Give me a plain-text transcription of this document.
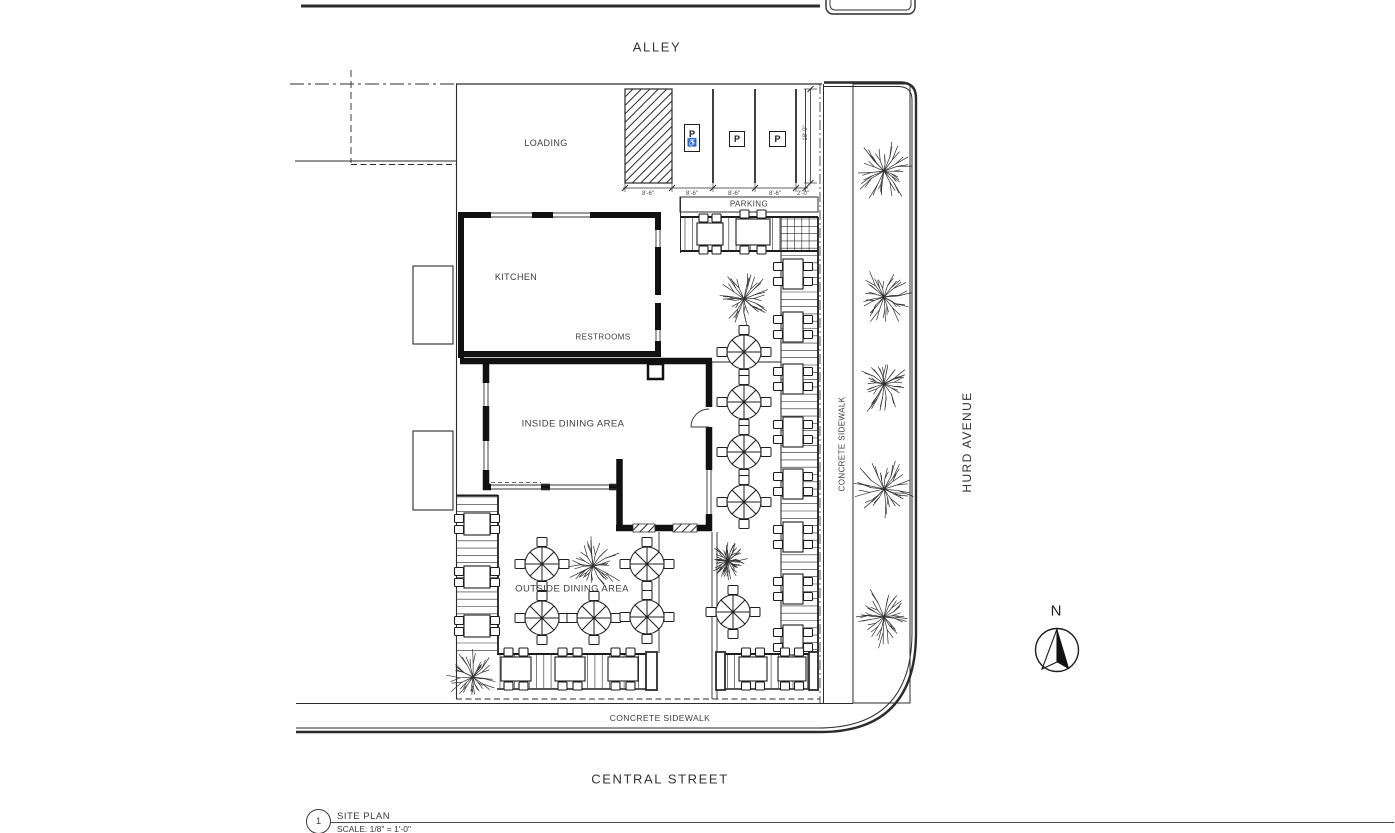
ALLEY
LOADING
PARKING
KITCHEN
RESTROOMS
INSIDE DINING AREA
OUTSIDE DINING AREA
CONCRETE SIDEWALK	HURD AVENUE
CONCRETE SIDEWALK
CENTRAL STREET
N
P
♿	P	P
8'-6"	8'-6"	8'-6"	8'-6"	2'-0"
18'-0"
1 SITE PLAN
SCALE: 1/8" = 1'-0"
